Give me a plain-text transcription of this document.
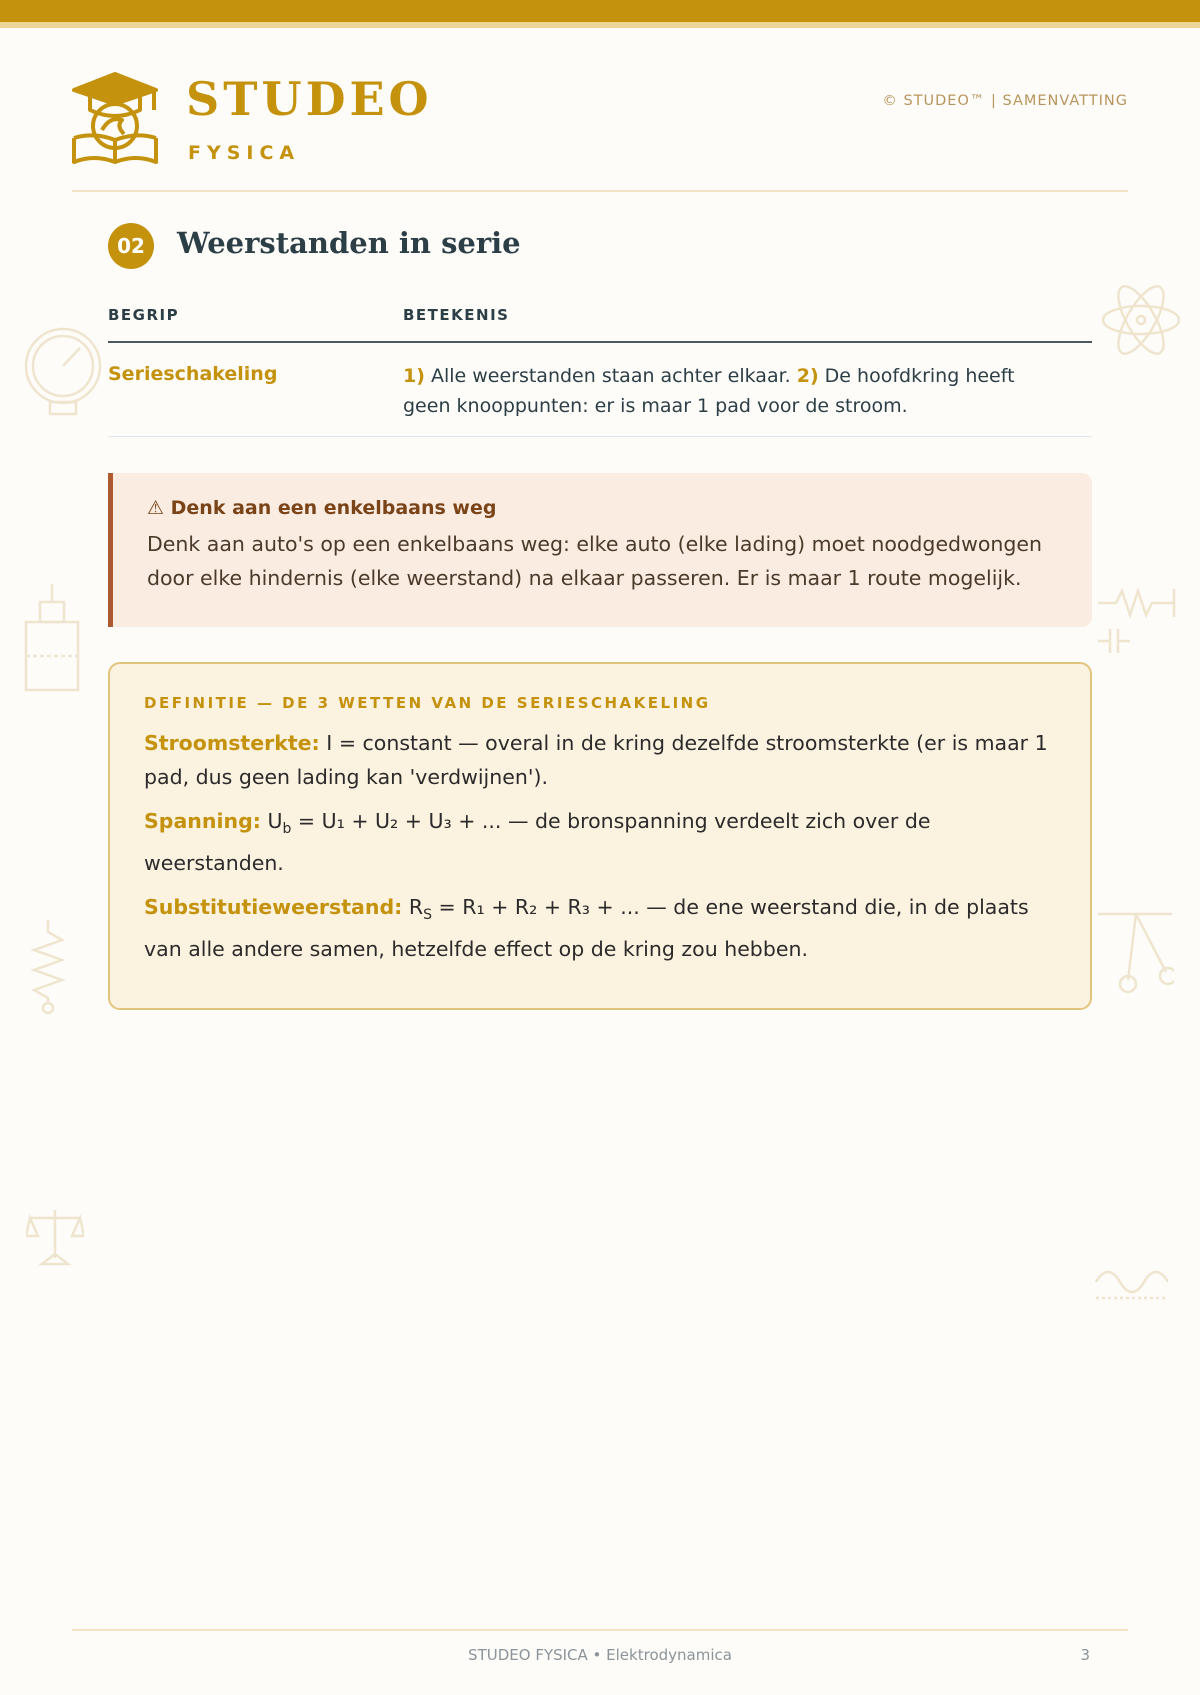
STUDEO
FYSICA
© STUDEO™ | SAMENVATTING
02	Weerstanden in serie
BEGRIP	BETEKENIS
Serieschakeling	1) Alle weerstanden staan achter elkaar. 2) De hoofdkring heeft geen knooppunten: er is maar 1 pad voor de stroom.
⚠ Denk aan een enkelbaans weg
Denk aan auto's op een enkelbaans weg: elke auto (elke lading) moet noodgedwongen door elke hindernis (elke weerstand) na elkaar passeren. Er is maar 1 route mogelijk.
DEFINITIE — DE 3 WETTEN VAN DE SERIESCHAKELING
Stroomsterkte: I = constant — overal in de kring dezelfde stroomsterkte (er is maar 1 pad, dus geen lading kan 'verdwijnen').
Spanning: $U_b = U_1 + U_2 + U_3$ + ... — de bronspanning verdeelt zich over de weerstanden.
Substitutieweerstand: $R_S = R_1 + R_2 + R_3$ + ... — de ene weerstand die, in de plaats van alle andere samen, hetzelfde effect op de kring zou hebben.
STUDEO FYSICA • Elektrodynamica	3
